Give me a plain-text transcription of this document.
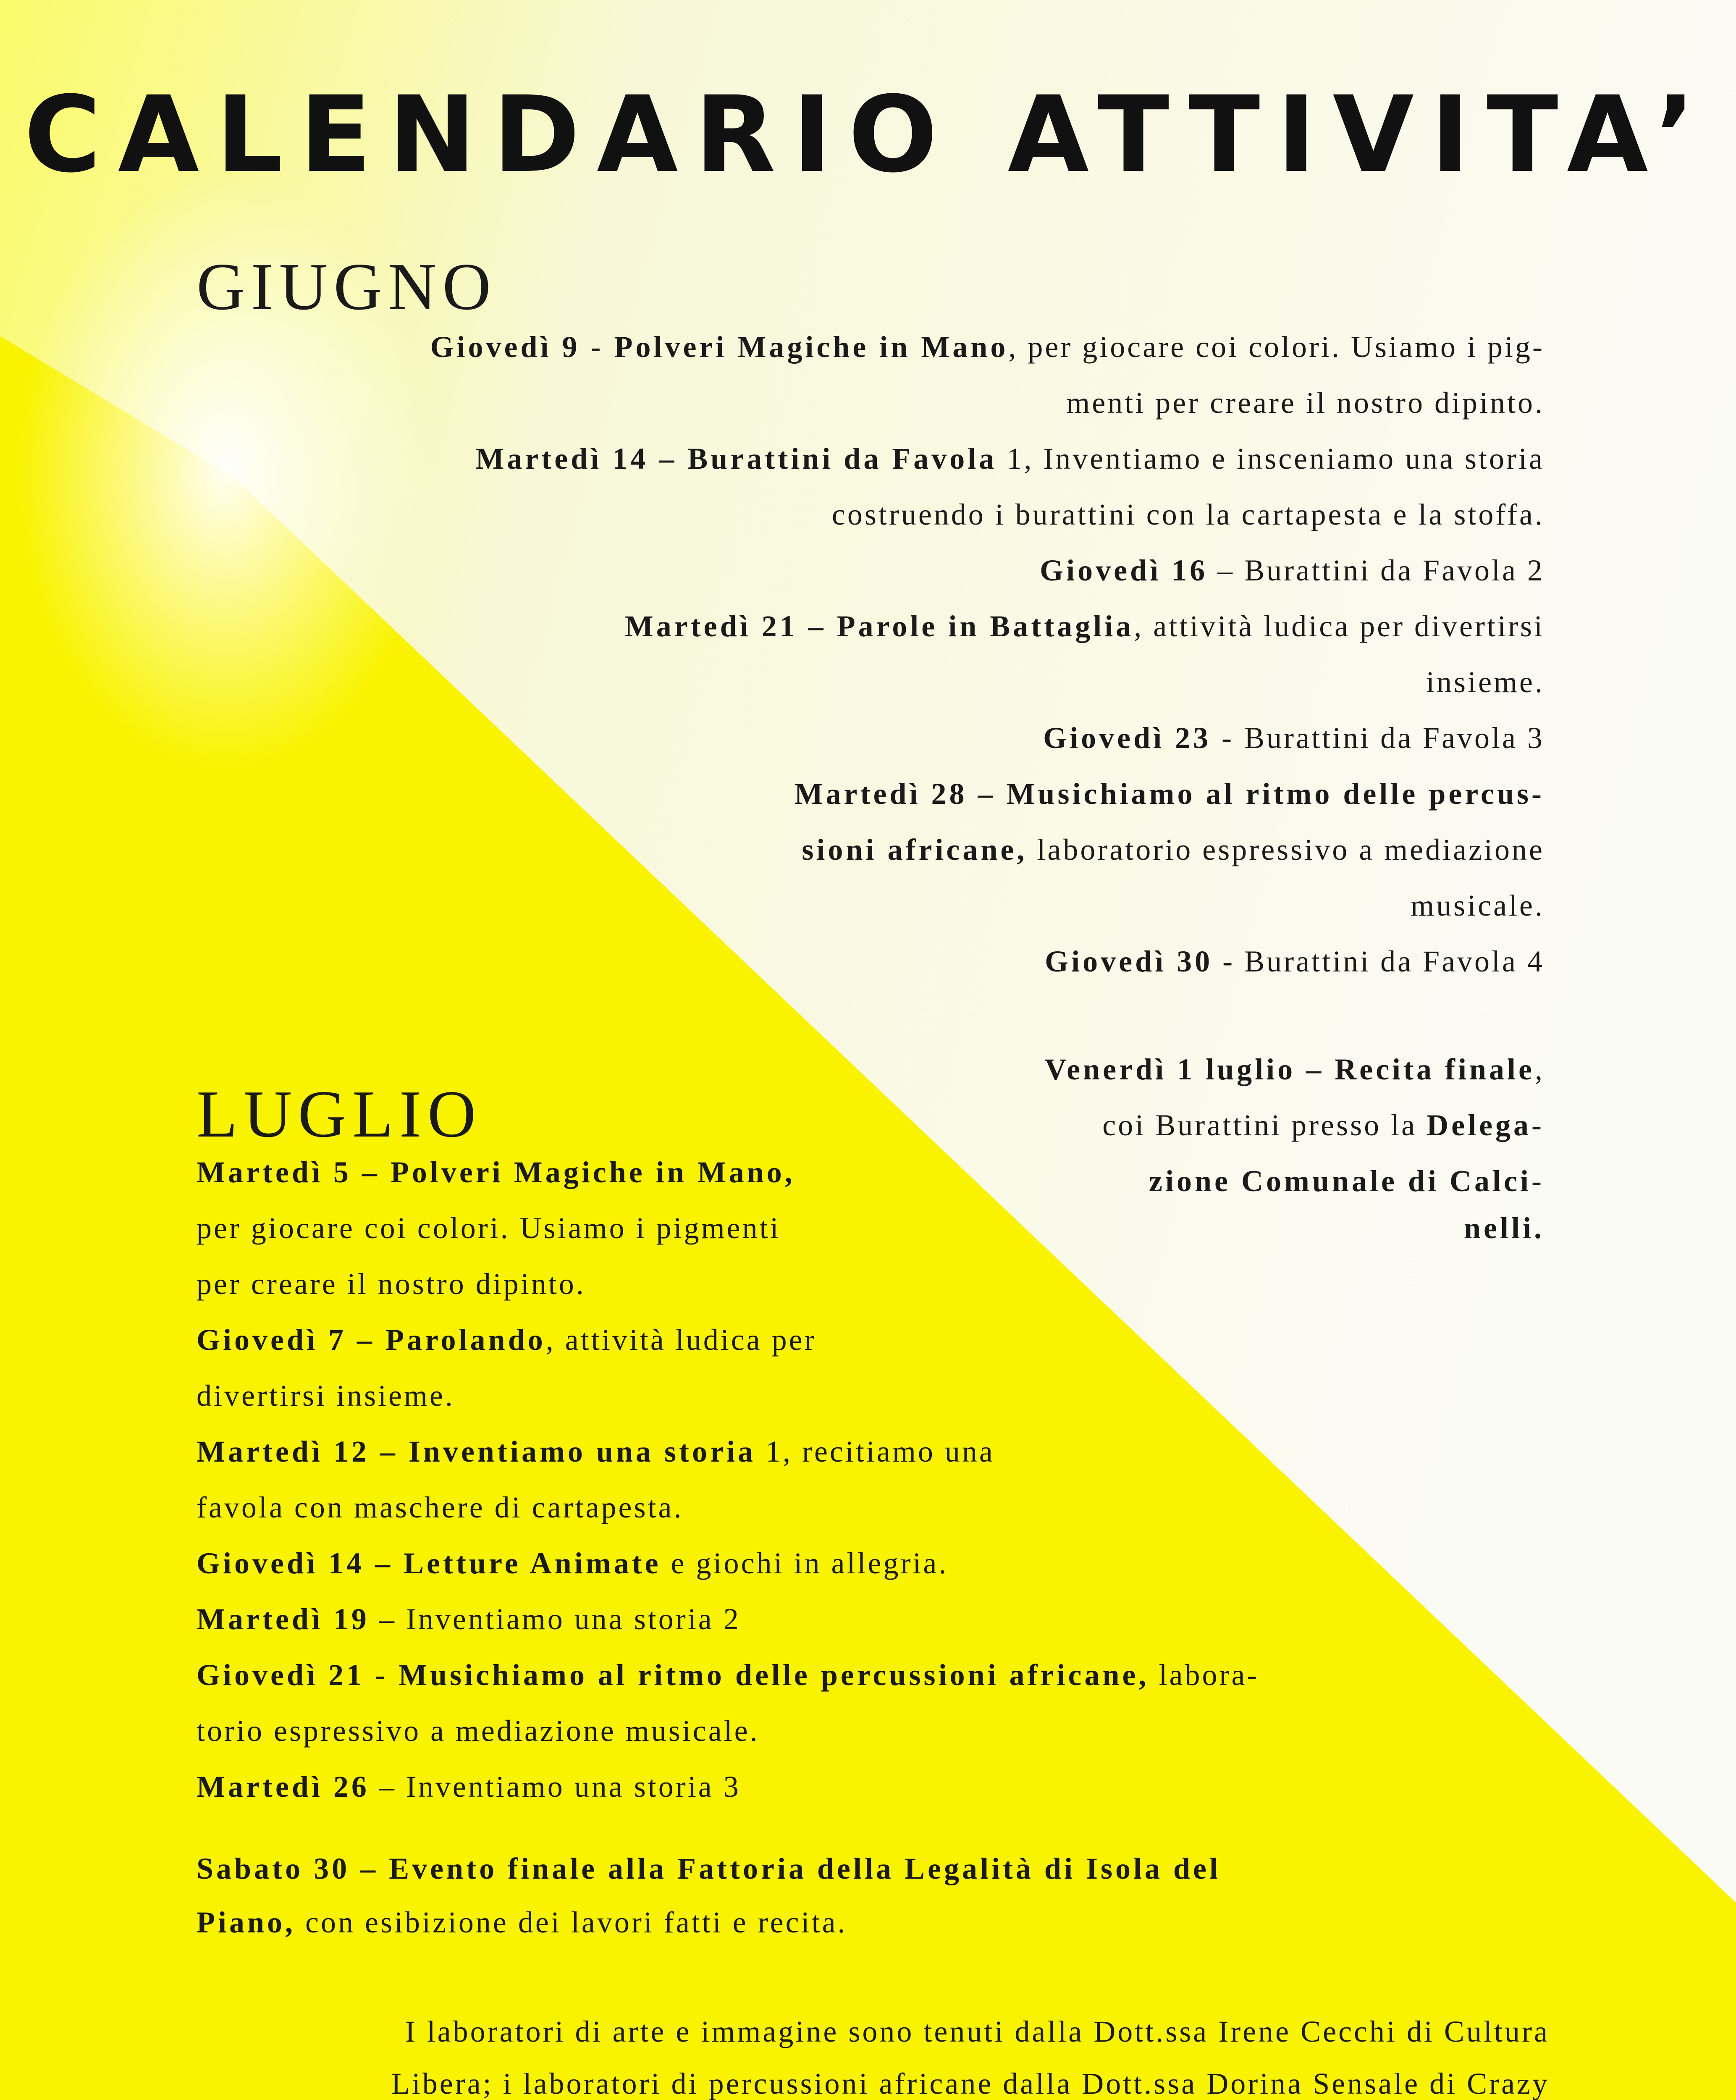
CALENDARIO ATTIVITA’
GIUGNO
Giovedì 9 - Polveri Magiche in Mano, per giocare coi colori. Usiamo i pig-
menti per creare il nostro dipinto.
Martedì 14 – Burattini da Favola 1, Inventiamo e insceniamo una storia
costruendo i burattini con la cartapesta e la stoffa.
Giovedì 16 – Burattini da Favola 2
Martedì 21 – Parole in Battaglia, attività ludica per divertirsi
insieme.
Giovedì 23 - Burattini da Favola 3
Martedì 28 – Musichiamo al ritmo delle percus-
sioni africane, laboratorio espressivo a mediazione
musicale.
Giovedì 30 - Burattini da Favola 4
Venerdì 1 luglio – Recita finale,
coi Burattini presso la Delega-
zione Comunale di Calci-
nelli.
LUGLIO
Martedì 5 – Polveri Magiche in Mano,
per giocare coi colori. Usiamo i pigmenti
per creare il nostro dipinto.
Giovedì 7 – Parolando, attività ludica per
divertirsi insieme.
Martedì 12 – Inventiamo una storia 1, recitiamo una
favola con maschere di cartapesta.
Giovedì 14 – Letture Animate e giochi in allegria.
Martedì 19 – Inventiamo una storia 2
Giovedì 21 - Musichiamo al ritmo delle percussioni africane, labora-
torio espressivo a mediazione musicale.
Martedì 26 – Inventiamo una storia 3
Sabato 30 – Evento finale alla Fattoria della Legalità di Isola del
Piano, con esibizione dei lavori fatti e recita.
I laboratori di arte e immagine sono tenuti dalla Dott.ssa Irene Cecchi di Cultura
Libera; i laboratori di percussioni africane dalla Dott.ssa Dorina Sensale di Crazy
